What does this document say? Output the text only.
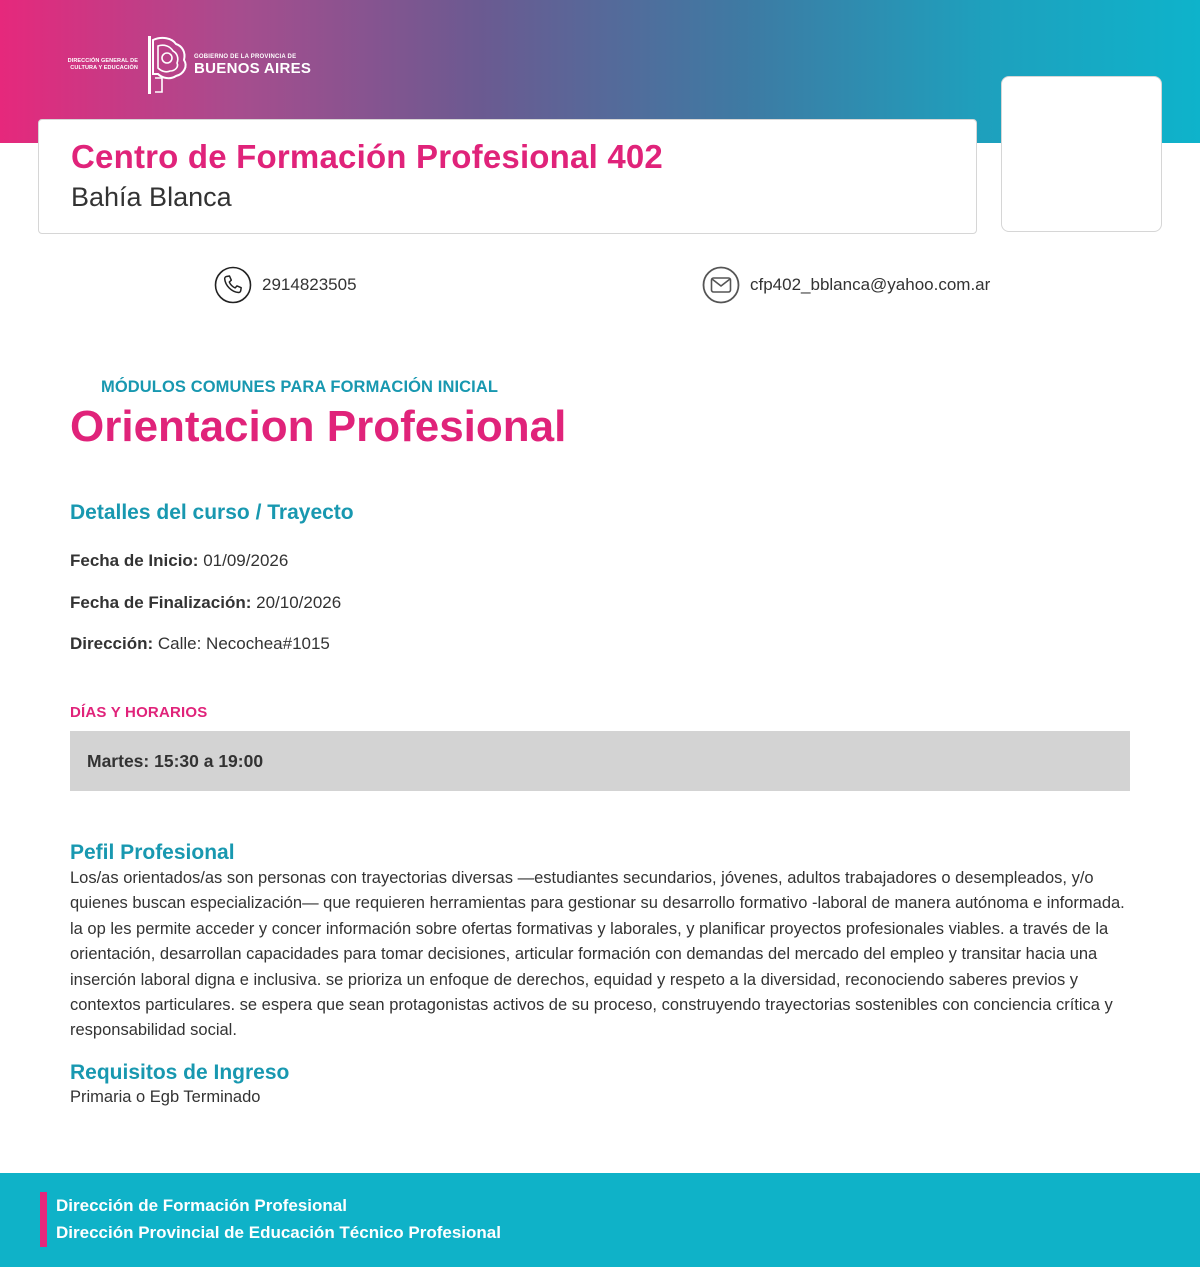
DIRECCIÓN GENERAL DE
CULTURA Y EDUCACIÓN
GOBIERNO DE LA PROVINCIA DE
BUENOS AIRES
Centro de Formación Profesional 402
Bahía Blanca
2914823505	cfp402_bblanca@yahoo.com.ar
MÓDULOS COMUNES PARA FORMACIÓN INICIAL
Orientacion Profesional
Detalles del curso / Trayecto
Fecha de Inicio: 01/09/2026
Fecha de Finalización: 20/10/2026
Dirección: Calle: Necochea#1015
DÍAS Y HORARIOS
Martes: 15:30 a 19:00
Pefil Profesional
Los/as orientados/as son personas con trayectorias diversas —estudiantes secundarios, jóvenes, adultos trabajadores o desempleados, y/o quienes buscan especialización— que requieren herramientas para gestionar su desarrollo formativo -laboral de manera autónoma e informada. la op les permite acceder y concer información sobre ofertas formativas y laborales, y planificar proyectos profesionales viables. a través de la orientación, desarrollan capacidades para tomar decisiones, articular formación con demandas del mercado del empleo y transitar hacia una inserción laboral digna e inclusiva. se prioriza un enfoque de derechos, equidad y respeto a la diversidad, reconociendo saberes previos y contextos particulares. se espera que sean protagonistas activos de su proceso, construyendo trayectorias sostenibles con conciencia crítica y responsabilidad social.
Requisitos de Ingreso
Primaria o Egb Terminado
Dirección de Formación Profesional
Dirección Provincial de Educación Técnico Profesional
